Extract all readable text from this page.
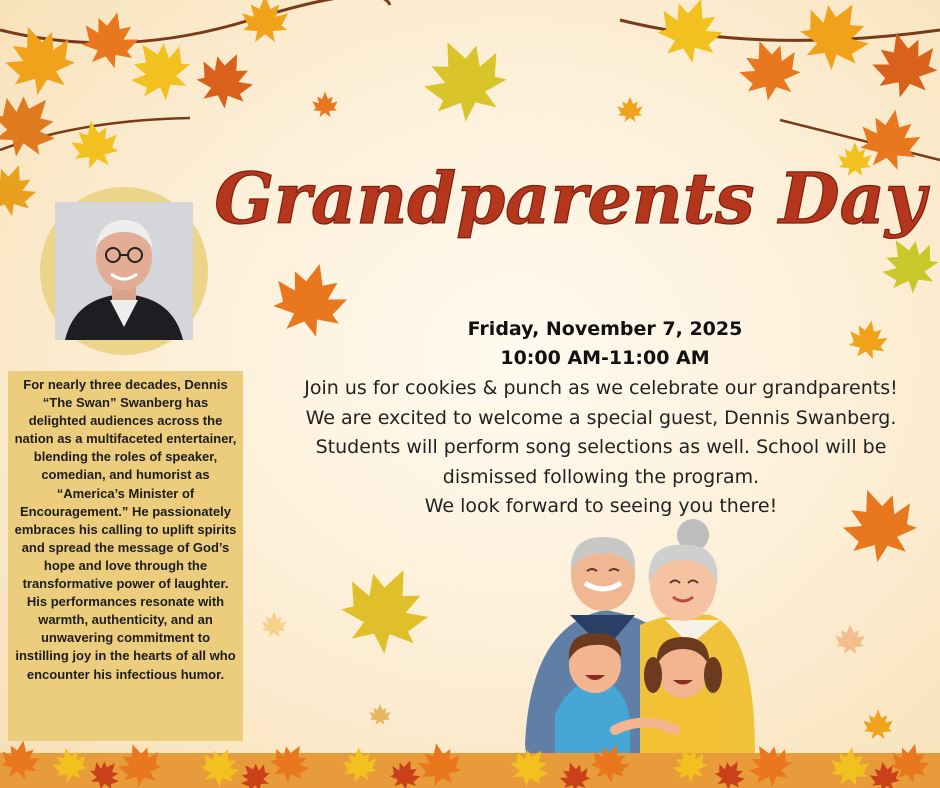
Grandparents Day
For nearly three decades, Dennis “The Swan” Swanberg has delighted audiences across the nation as a multifaceted entertainer, blending the roles of speaker, comedian, and humorist as “America’s Minister of Encouragement.” He passionately embraces his calling to uplift spirits and spread the message of God’s hope and love through the transformative power of laughter. His performances resonate with warmth, authenticity, and an unwavering commitment to instilling joy in the hearts of all who encounter his infectious humor.
Friday, November 7, 2025
10:00 AM-11:00 AM
Join us for cookies & punch as we celebrate our grandparents!
We are excited to welcome a special guest, Dennis Swanberg.
Students will perform song selections as well. School will be
dismissed following the program.
We look forward to seeing you there!
